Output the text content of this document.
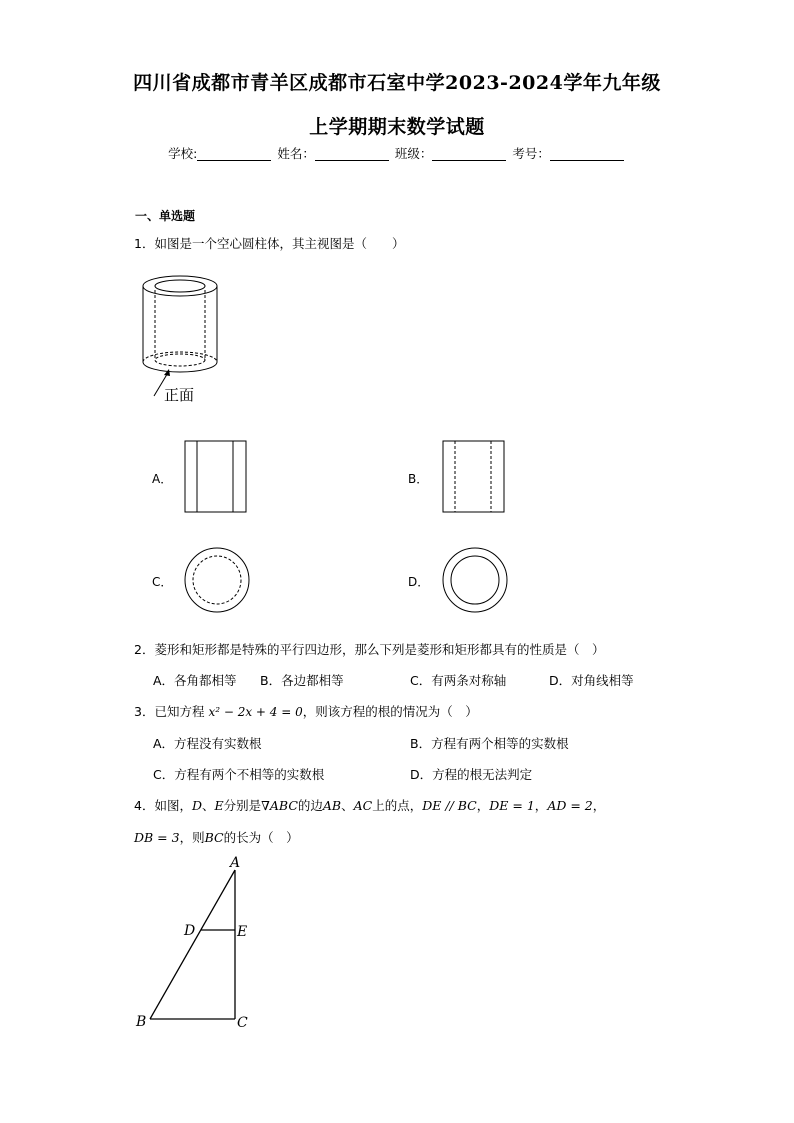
四川省成都市青羊区成都市石室中学2023-2024学年九年级
上学期期末数学试题
学校:	姓名：	班级：	考号：
一、单选题
1．如图是一个空心圆柱体，其主视图是（　　）
正面
A．	B．
C．	D．
2．菱形和矩形都是特殊的平行四边形，那么下列是菱形和矩形都具有的性质是（　）
A．各角都相等 B．各边都相等	C．有两条对称轴	D．对角线相等
3．已知方程 x² − 2x + 4 = 0，则该方程的根的情况为（　）
A．方程没有实数根	B．方程有两个相等的实数根
C．方程有两个不相等的实数根	D．方程的根无法判定
4．如图，D、E分别是∇ABC的边AB、AC上的点，DE // BC，DE = 1，AD = 2，
DB = 3，则BC的长为（　）
A
D	E
B	C
